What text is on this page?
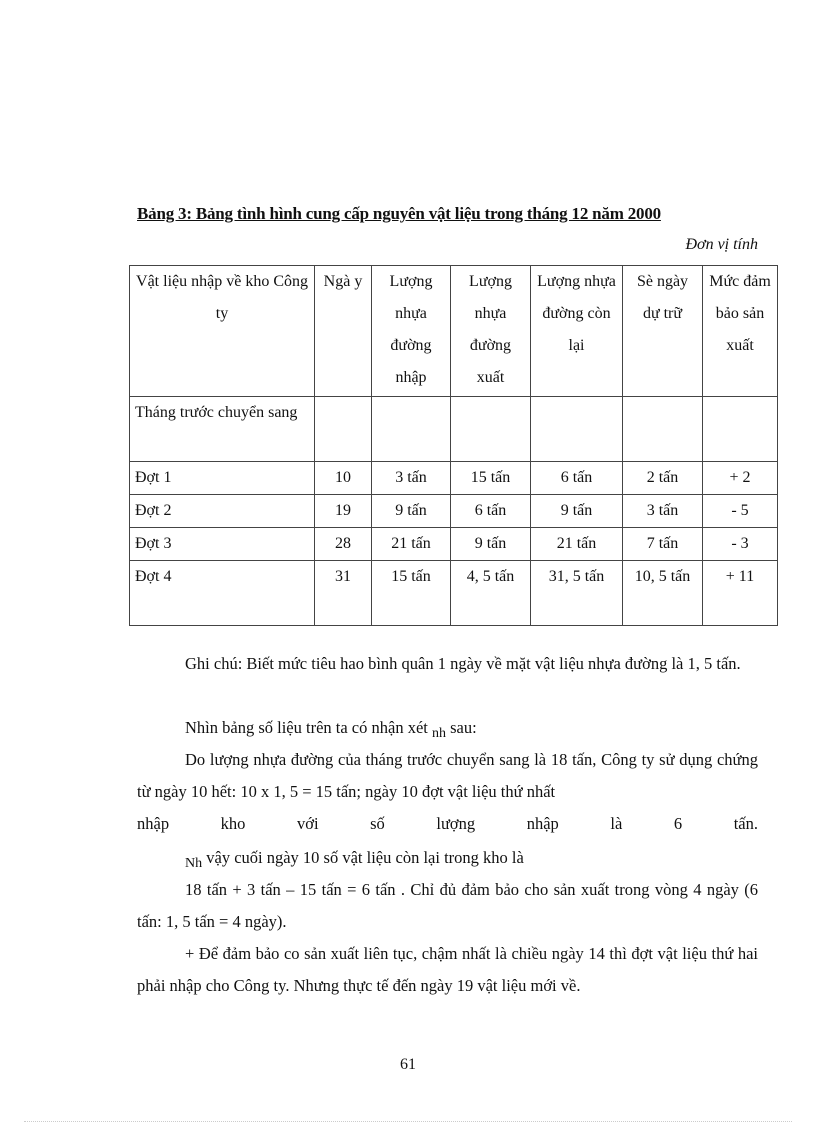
Bảng 3: Bảng tình hình cung cấp nguyên vật liệu trong tháng 12 năm 2000
Đơn vị tính
Vật liệu nhập về kho Công ty	Ngà y	Lượng nhựa đường nhập	Lượng nhựa đường xuất	Lượng nhựa đường còn lại	Sè ngày dự trữ	Mức đảm bảo sản xuất
Tháng trước chuyển sang						
Đợt 1	10	3 tấn	15 tấn	6 tấn	2 tấn	+ 2
Đợt 2	19	9 tấn	6 tấn	9 tấn	3 tấn	- 5
Đợt 3	28	21 tấn	9 tấn	21 tấn	7 tấn	- 3
Đợt 4	31	15 tấn	4, 5 tấn	31, 5 tấn	10, 5 tấn	+ 11

Ghi chú: Biết mức tiêu hao bình quân 1 ngày về mặt vật liệu nhựa đường là 1, 5 tấn.

Nhìn bảng số liệu trên ta có nhận xét $_{nh}$ sau:

Do lượng nhựa đường của tháng trước chuyển sang là 18 tấn, Công ty sử dụng chứng từ ngày 10 hết: 10 x 1, 5 = 15 tấn; ngày 10 đợt vật liệu thứ nhất

nhập kho với số lượng nhập là 6 tấn.

$_{Nh}$ vậy cuối ngày 10 số vật liệu còn lại trong kho là

18 tấn + 3 tấn – 15 tấn = 6 tấn . Chỉ đủ đảm bảo cho sản xuất trong vòng 4 ngày (6 tấn: 1, 5 tấn = 4 ngày).

+ Để đảm bảo co sản xuất liên tục, chậm nhất là chiều ngày 14 thì đợt vật liệu thứ hai phải nhập cho Công ty. Nhưng thực tế đến ngày 19 vật liệu mới về.

61
